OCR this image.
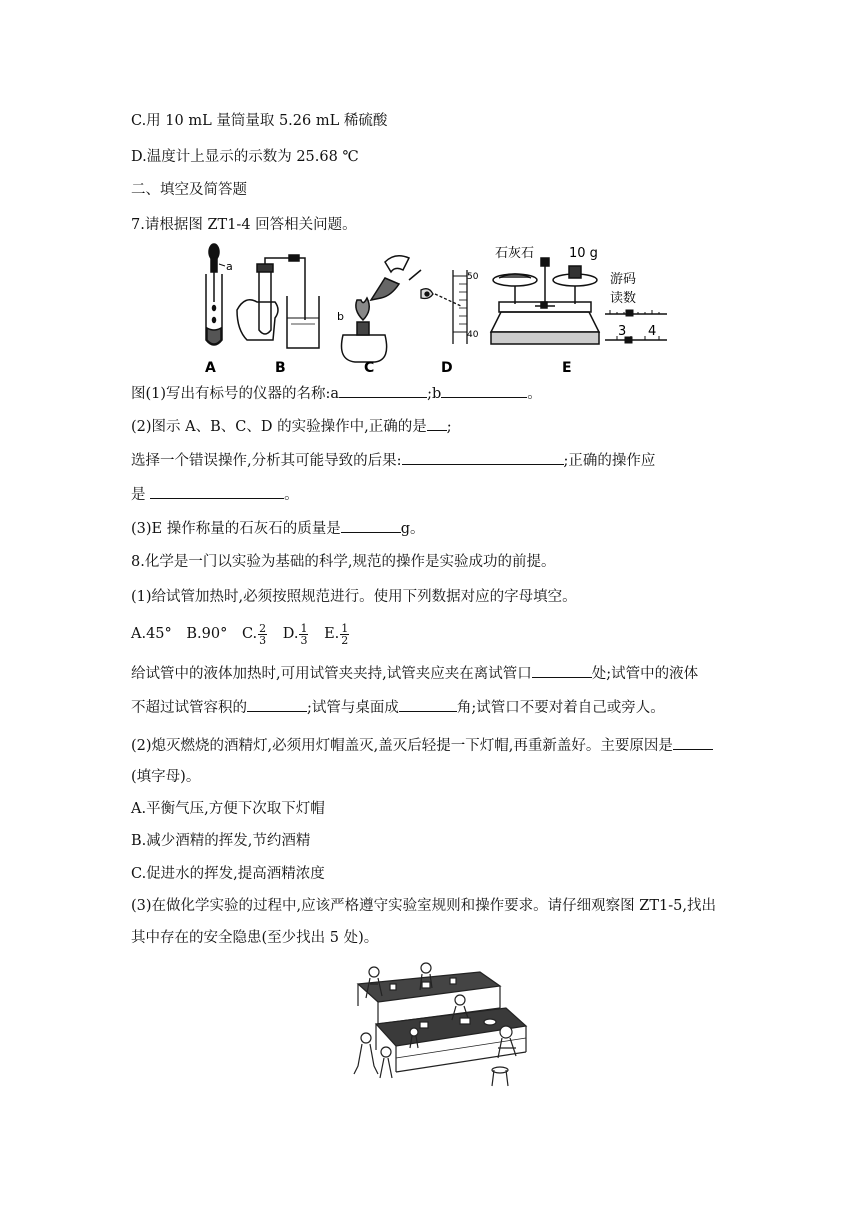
C.用 10 mL 量筒量取 5.26 mL 稀硫酸
D.温度计上显示的示数为 25.68 ℃
二、填空及简答题
7.请根据图 ZT1-4 回答相关问题。
a
b
50
40
石灰石	10 g
游码
读数
3 4
A	B	C	D	E
图(1)写出有标号的仪器的名称:a	;b	。
(2)图示 A、B、C、D 的实验操作中,正确的是 ;
选择一个错误操作,分析其可能导致的后果:	;正确的操作应
是	。
(3)E 操作称量的石灰石的质量是	g。
8.化学是一门以实验为基础的科学,规范的操作是实验成功的前提。
(1)给试管加热时,必须按照规范进行。使用下列数据对应的字母填空。
A.45° B.90° C. $\frac{2}{3} D$. $\frac{1}{3} E$. $\frac{1}{2}$
给试管中的液体加热时,可用试管夹夹持,试管夹应夹在离试管口	处;试管中的液体
不超过试管容积的	;试管与桌面成	角;试管口不要对着自己或旁人。
(2)熄灭燃烧的酒精灯,必须用灯帽盖灭,盖灭后轻提一下灯帽,再重新盖好。主要原因是
(填字母)。
A.平衡气压,方便下次取下灯帽
B.减少酒精的挥发,节约酒精
C.促进水的挥发,提高酒精浓度
(3)在做化学实验的过程中,应该严格遵守实验室规则和操作要求。请仔细观察图 ZT1-5,找出
其中存在的安全隐患(至少找出 5 处)。
